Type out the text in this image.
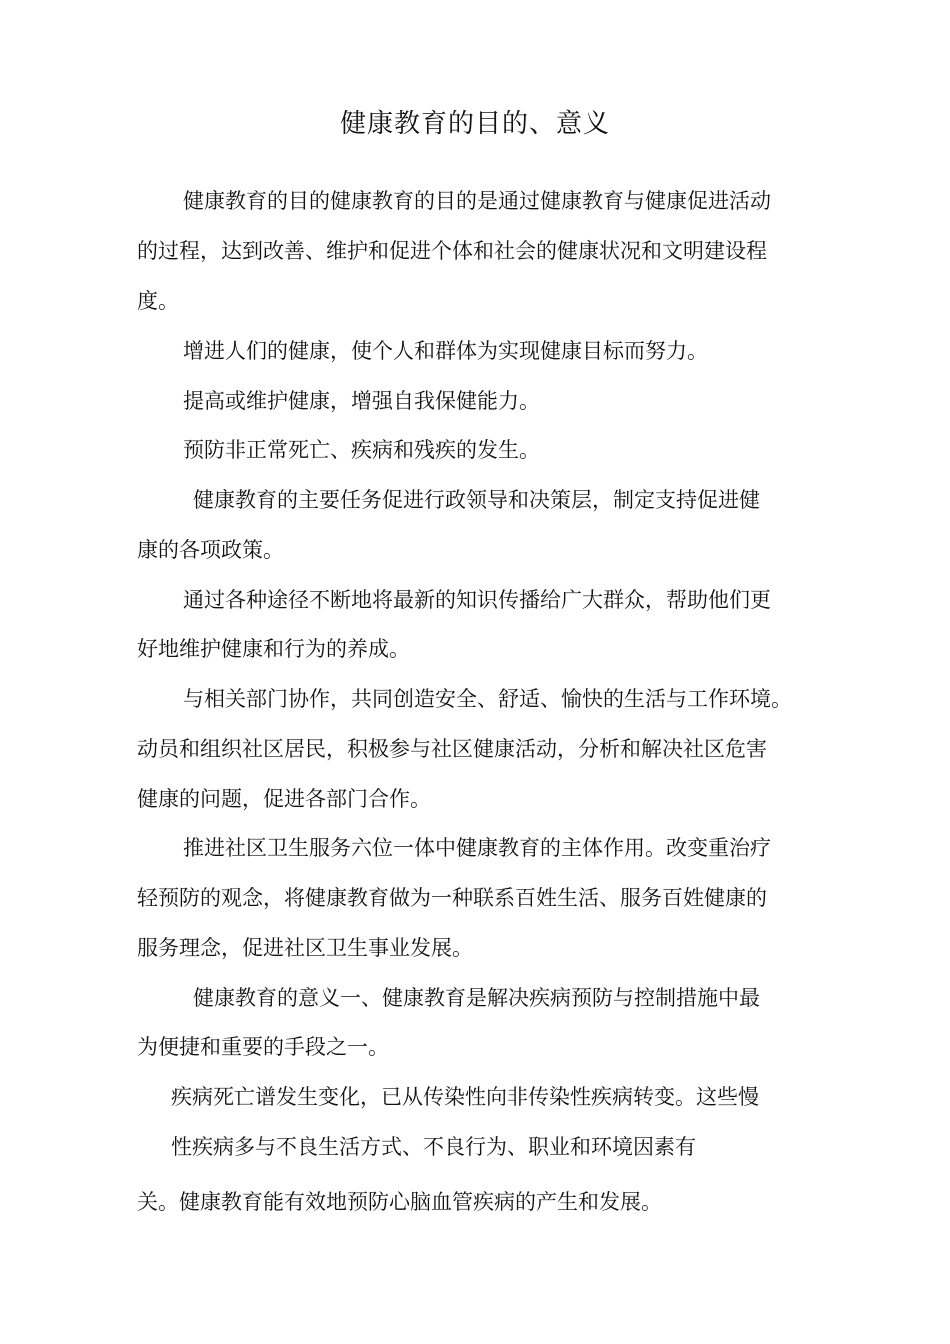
健康教育的目的、意义
健康教育的目的健康教育的目的是通过健康教育与健康促进活动
的过程，达到改善、维护和促进个体和社会的健康状况和文明建设程
度。
增进人们的健康，使个人和群体为实现健康目标而努力。
提高或维护健康，增强自我保健能力。
预防非正常死亡、疾病和残疾的发生。
健康教育的主要任务促进行政领导和决策层，制定支持促进健
康的各项政策。
通过各种途径不断地将最新的知识传播给广大群众，帮助他们更
好地维护健康和行为的养成。
与相关部门协作，共同创造安全、舒适、愉快的生活与工作环境。
动员和组织社区居民，积极参与社区健康活动，分析和解决社区危害
健康的问题，促进各部门合作。
推进社区卫生服务六位一体中健康教育的主体作用。改变重治疗
轻预防的观念，将健康教育做为一种联系百姓生活、服务百姓健康的
服务理念，促进社区卫生事业发展。
健康教育的意义一、健康教育是解决疾病预防与控制措施中最
为便捷和重要的手段之一。
疾病死亡谱发生变化，已从传染性向非传染性疾病转变。这些慢
性疾病多与不良生活方式、不良行为、职业和环境因素有
关。健康教育能有效地预防心脑血管疾病的产生和发展。
